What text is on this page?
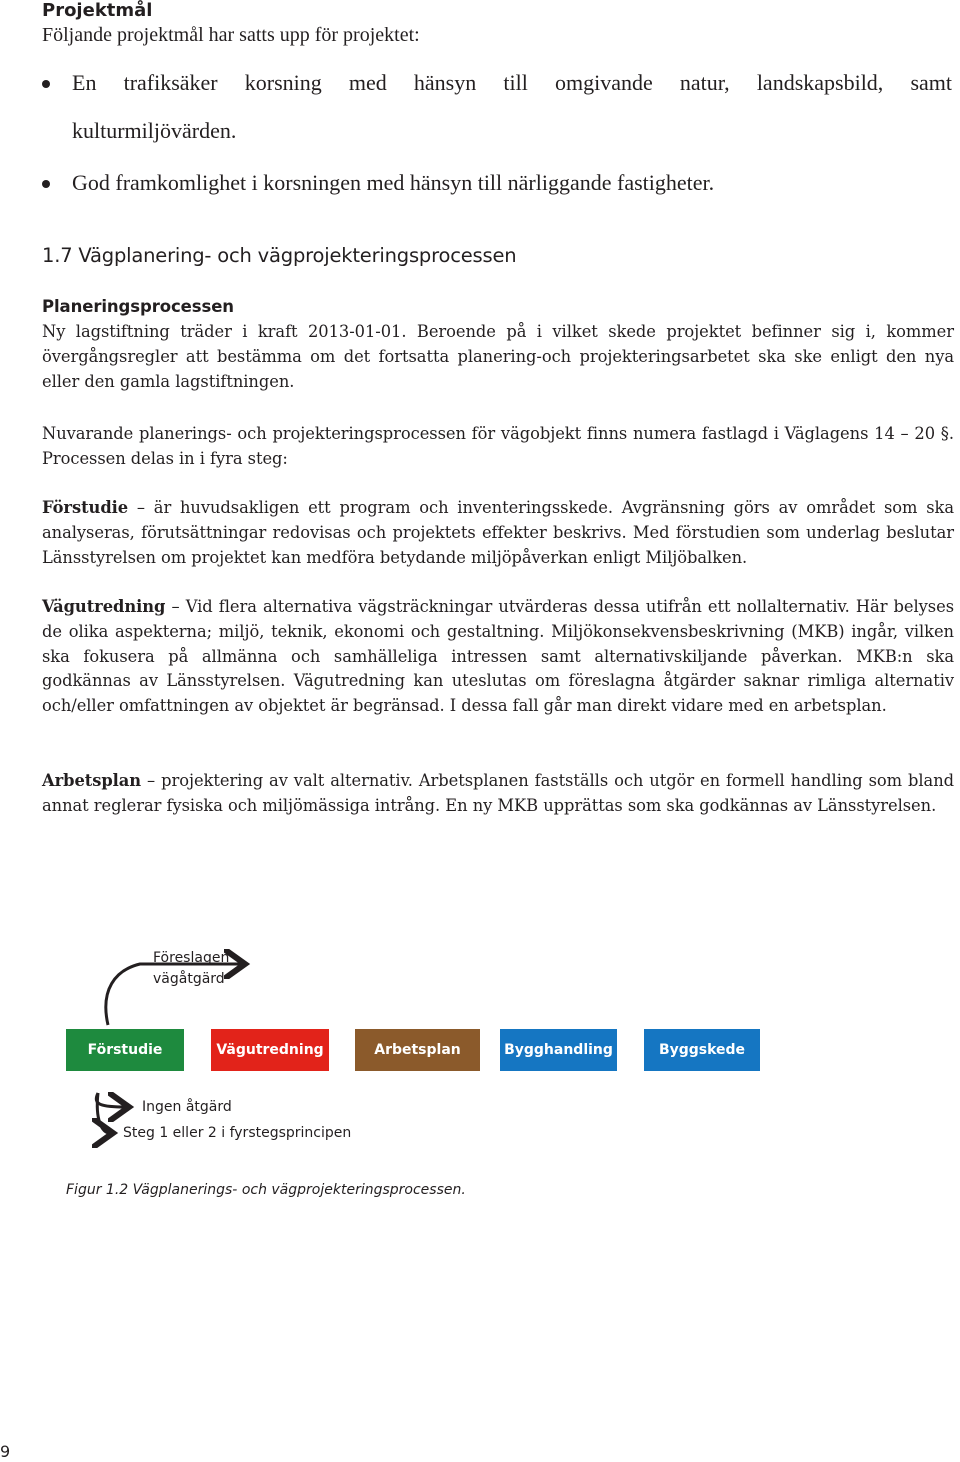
Projektmål
Följande projektmål har satts upp för projektet:
En trafiksäker korsning med hänsyn till omgivande natur, landskapsbild, samt
kulturmiljövärden.
God framkomlighet i korsningen med hänsyn till närliggande fastigheter.
1.7 Vägplanering- och vägprojekteringsprocessen
Planeringsprocessen
Ny lagstiftning träder i kraft 2013-01-01. Beroende på i vilket skede projektet befinner sig i, kommer övergångsregler att bestämma om det fortsatta planering-och projekteringsarbetet ska ske enligt den nya eller den gamla lagstiftningen.
Nuvarande planerings- och projekteringsprocessen för vägobjekt finns numera fastlagd i Väglagens 14 – 20 §. Processen delas in i fyra steg:
Förstudie – är huvudsakligen ett program och inventeringsskede. Avgränsning görs av området som ska analyseras, förutsättningar redovisas och projektets effekter beskrivs. Med förstudien som underlag beslutar Länsstyrelsen om projektet kan medföra betydande miljöpåverkan enligt Miljöbalken.
Vägutredning – Vid flera alternativa vägsträckningar utvärderas dessa utifrån ett nollalternativ. Här belyses de olika aspekterna; miljö, teknik, ekonomi och gestaltning. Miljökonsekvensbeskrivning (MKB) ingår, vilken ska fokusera på allmänna och samhälleliga intressen samt alternativskiljande påverkan. MKB:n ska godkännas av Länsstyrelsen. Vägutredning kan uteslutas om föreslagna åtgärder saknar rimliga alternativ och/eller omfattningen av objektet är begränsad. I dessa fall går man direkt vidare med en arbetsplan.
Arbetsplan – projektering av valt alternativ. Arbetsplanen fastställs och utgör en formell handling som bland annat reglerar fysiska och miljömässiga intrång. En ny MKB upprättas som ska godkännas av Länsstyrelsen.
Föreslagen
vägåtgärd
Ingen åtgärd
Steg 1 eller 2 i fyrstegsprincipen
Förstudie	Vägutredning	Arbetsplan	Bygghandling	Byggskede
Figur 1.2 Vägplanerings- och vägprojekteringsprocessen.
9
